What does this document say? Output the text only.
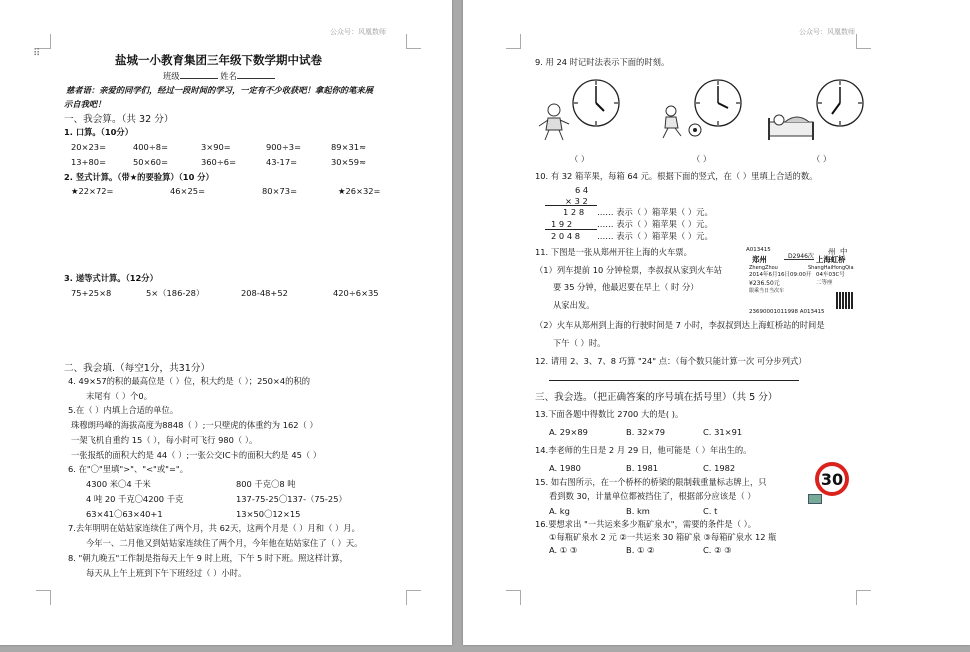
⠿	盐城一小教育集团三年级下数学期中试卷
班级	姓名
慈者语：亲爱的同学们，经过一段时间的学习，一定有不少收获吧！拿起你的笔来展
示自我吧！
一、我会算。（共 32 分）
1. 口算。（10分）
20×23=	400÷8=	3×90=	900÷3=	89×31≈
13+80=	50×60=	360÷6=	43-17=	30×59≈
2. 竖式计算。（带★的要验算）（10 分）
★22×72=	46×25=	80×73=	★26×32=
3. 递等式计算。（12分）
75+25×8	5×（186-28）	208-48+52	420÷6×35
二、我会填.（每空1分，共31分）
4. 49×57的积的最高位是（ ）位，积大约是（ ）；250×4的积的
末尾有（ ）个0。
5.在（ ）内填上合适的单位。
珠穆朗玛峰的海拔高度为8848（ ）;一只壁虎的体重约为 162（ ）
一架飞机自重约 15（ ），每小时可飞行 980（ ）。
一张报纸的面积大约是 44（ ）;一张公交IC卡的面积大约是 45（ ）
6. 在"〇"里填">"、"<"或"="。
4300 米〇4 千米	800 千克〇8 吨
4 吨 20 千克〇4200 千克	137-75-25〇137-（75-25）
63×41〇63×40+1	13×50〇12×15
7.去年明明在姑姑家连续住了两个月，共 62天，这两个月是（ ）月和（ ）月。
今年一、二月他又到姑姑家连续住了两个月，今年他在姑姑家住了（ ）天。
8. "朝九晚五"工作制是指每天上午 9 时上班，下午 5 时下班。照这样计算，
每天从上午上班到下午下班经过（ ）小时。
公众号：风凰数师
9. 用 24 时记时法表示下面的时刻。
（ ）	（ ）	（ ）
10. 有 32 箱苹果，每箱 64 元。根据下面的竖式，在（ ）里填上合适的数。
6 4
× 3 2
1 2 8 …… 表示（ ）箱苹果（ ）元。
1 9 2	…… 表示（ ）箱苹果（ ）元。
2 0 4 8 …… 表示（ ）箱苹果（ ）元。
11. 下图是一张从郑州开往上海的火车票。
（1）列车提前 10 分钟检票，李叔叔从家到火车站
要 35 分钟，他最迟要在早上（ 时 分）
从家出发。
A013415	中
州
郑州	D2946次 上海虹桥
ZhengZhou	ShangHaiHongQia
2014年6月16日09:00开 04车03C号
¥236.50元	二等座
限乘当日当次车
23690001011998 A013415
（2）火车从郑州到上海的行驶时间是 7 小时，李叔叔到达上海虹桥站的时间是
下午（ ）时。
12. 请用 2、3、7、8 巧算 "24" 点：（每个数只能计算一次 可分步列式）
三、我会选。（把正确答案的序号填在括号里）（共 5 分）
13.下面各题中得数比 2700 大的是( )。
A. 29×89	B. 32×79	C. 31×91
14.李老师的生日是 2 月 29 日，他可能是（ ）年出生的。
A. 1980	B. 1981	C. 1982
15. 如右图所示，在一个桥杯的桥梁的限制载重量标志牌上，只
看到数 30，计量单位都被挡住了，根据部分应该是（ ）
A. kg	B. km	C. t
30
16.要想求出 "一共运来多少瓶矿泉水"，需要的条件是（ ）。
①每瓶矿泉水 2 元 ②一共运来 30 箱矿泉 ③每箱矿泉水 12 瓶
A. ① ③	B. ① ②	C. ② ③
公众号：风凰数师
